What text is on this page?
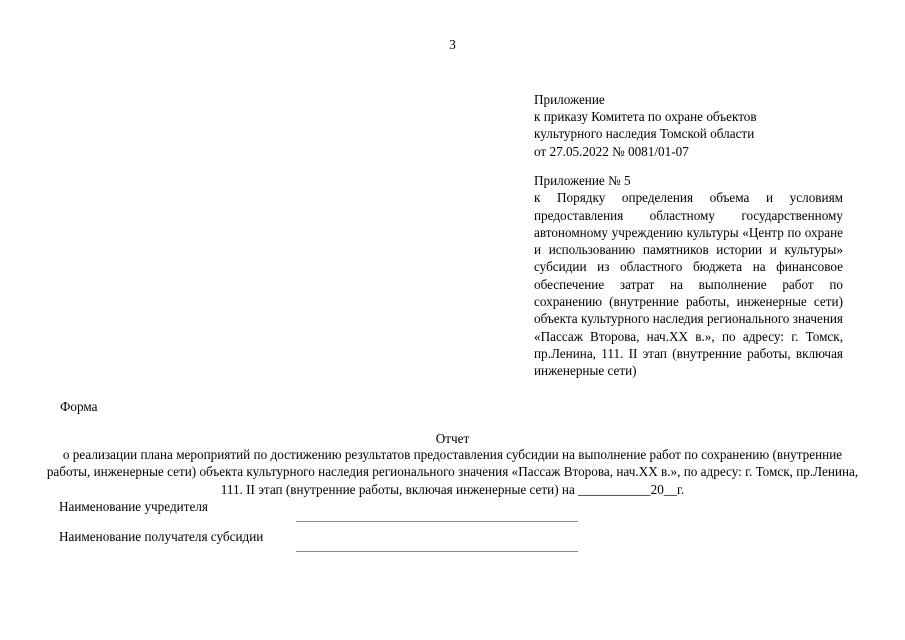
3
Приложение
к приказу Комитета по охране объектов
культурного наследия Томской области
от 27.05.2022 № 0081/01-07
Приложение № 5
к Порядку определения объема и условиям предоставления областному государственному автономному учреждению культуры «Центр по охране и использованию памятников истории и культуры» субсидии из областного бюджета на финансовое обеспечение затрат на выполнение работ по сохранению (внутренние работы, инженерные сети) объекта культурного наследия регионального значения «Пассаж Второва, нач.XX в.», по адресу: г. Томск, пр.Ленина, 111. II этап (внутренние работы, включая инженерные сети)
Форма
Отчет
о реализации плана мероприятий по достижению результатов предоставления субсидии на выполнение работ по сохранению (внутренние работы, инженерные сети) объекта культурного наследия регионального значения «Пассаж Второва, нач.XX в.», по адресу: г. Томск, пр.Ленина, 111. II этап (внутренние работы, включая инженерные сети) на ___________20__г.
Наименование учредителя
Наименование получателя субсидии
